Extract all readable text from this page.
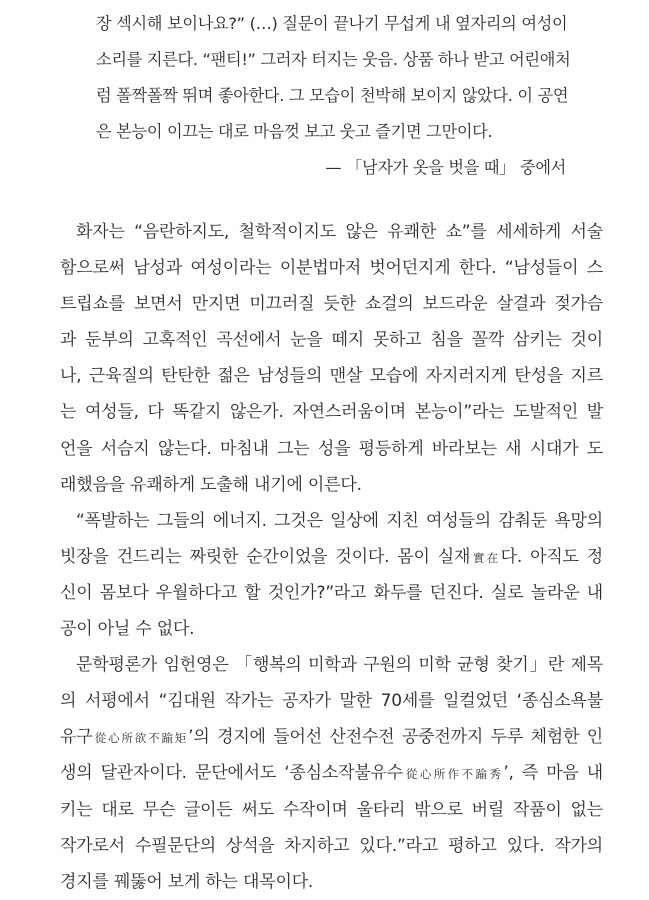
장 섹시해 보이나요?” (…) 질문이 끝나기 무섭게 내 옆자리의 여성이
소리를 지른다. “팬티!” 그러자 터지는 웃음. 상품 하나 받고 어린애처
럼 폴짝폴짝 뛰며 좋아한다. 그 모습이 천박해 보이지 않았다. 이 공연
은 본능이 이끄는 대로 마음껏 보고 웃고 즐기면 그만이다.
— 「남자가 옷을 벗을 때」 중에서
화자는 “음란하지도, 철학적이지도 않은 유쾌한 쇼”를 세세하게 서술
함으로써 남성과 여성이라는 이분법마저 벗어던지게 한다. “남성들이 스
트립쇼를 보면서 만지면 미끄러질 듯한 쇼걸의 보드라운 살결과 젖가슴
과 둔부의 고혹적인 곡선에서 눈을 떼지 못하고 침을 꼴깍 삼키는 것이
나, 근육질의 탄탄한 젊은 남성들의 맨살 모습에 자지러지게 탄성을 지르
는 여성들, 다 똑같지 않은가. 자연스러움이며 본능이”라는 도발적인 발
언을 서슴지 않는다. 마침내 그는 성을 평등하게 바라보는 새 시대가 도
래했음을 유쾌하게 도출해 내기에 이른다.
“폭발하는 그들의 에너지. 그것은 일상에 지친 여성들의 감춰둔 욕망의
빗장을 건드리는 짜릿한 순간이었을 것이다. 몸이 실재實在다. 아직도 정
신이 몸보다 우월하다고 할 것인가?”라고 화두를 던진다. 실로 놀라운 내
공이 아닐 수 없다.
문학평론가 임헌영은 「행복의 미학과 구원의 미학 균형 찾기」란 제목
의 서평에서 “김대원 작가는 공자가 말한 70세를 일컬었던 ‘종심소욕불
유구從心所欲不踰矩’의 경지에 들어선 산전수전 공중전까지 두루 체험한 인
생의 달관자이다. 문단에서도 ‘종심소작불유수從心所作不踰秀’, 즉 마음 내
키는 대로 무슨 글이든 써도 수작이며 울타리 밖으로 버릴 작품이 없는
작가로서 수필문단의 상석을 차지하고 있다.”라고 평하고 있다. 작가의
경지를 꿰뚫어 보게 하는 대목이다.
